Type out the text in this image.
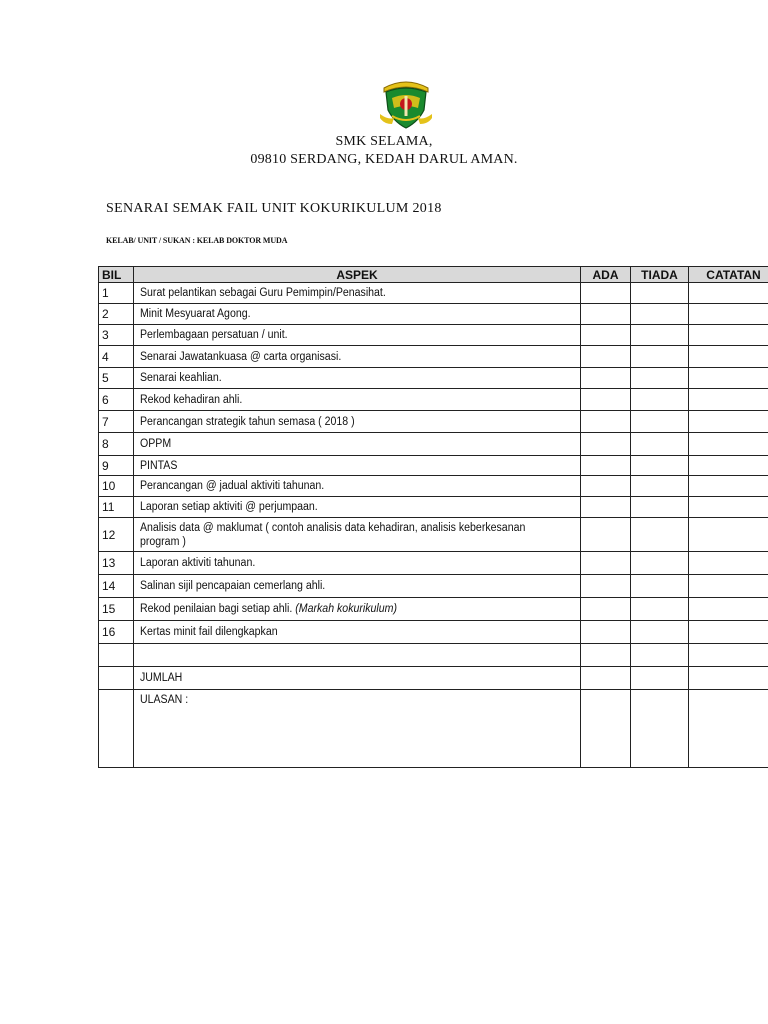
SMK SELAMA,
09810 SERDANG, KEDAH DARUL AMAN.
SENARAI SEMAK FAIL UNIT KOKURIKULUM 2018
KELAB/ UNIT / SUKAN : KELAB DOKTOR MUDA
BIL	ASPEK	ADA	TIADA	CATATAN
1	Surat pelantikan sebagai Guru Pemimpin/Penasihat.			
2	Minit Mesyuarat Agong.			
3	Perlembagaan persatuan / unit.			
4	Senarai Jawatankuasa @ carta organisasi.			
5	Senarai keahlian.			
6	Rekod kehadiran ahli.			
7	Perancangan strategik tahun semasa ( 2018 )			
8	OPPM			
9	PINTAS			
10	Perancangan @ jadual aktiviti tahunan.			
11	Laporan setiap aktiviti @ perjumpaan.			
12	Analisis data @ maklumat ( contoh analisis data kehadiran, analisis keberkesanan program )			
13	Laporan aktiviti tahunan.			
14	Salinan sijil pencapaian cemerlang ahli.			
15	Rekod penilaian bagi setiap ahli. (Markah kokurikulum)			
16	Kertas minit fail dilengkapkan			

	JUMLAH			
	ULASAN :			
